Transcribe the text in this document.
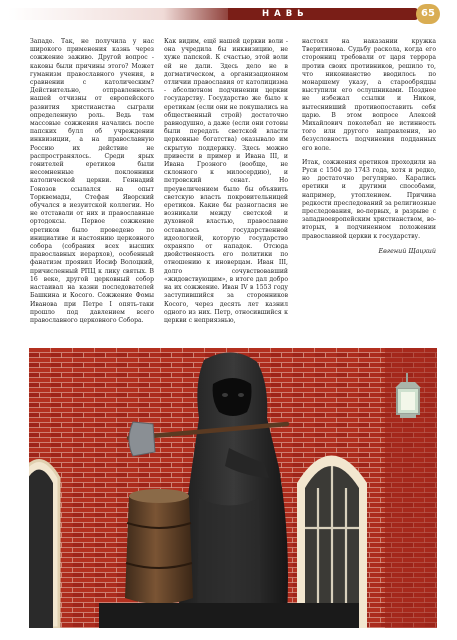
НАВЬ	65

Западе. Так, не получила у нас широкого применения казнь через сожжение заживо. Другой вопрос - каковы были причины этого? Может гуманизм православного учения, в сравнении с католическим? Действительно, отправленность нашей отчизны от европейского развития христианства сыграли определенную роль. Ведь там массовые сожжения начались после папских булл об учреждении инквизиции, а на православную Россию их действие не распространялось. Среди ярых гонителей еретиков были несомненные поклонники католической церкви. Геннадий Гонозов ссылался на опыт Торквемады, Стефан Яворский обучался в иезуитской коллегии. Но не отставали от них и православные ортодоксы. Первое сожжение еретиков было проведено по инициативе и настоянию церковного собора (собрания всех высших православных иерархов), особенный фанатизм проявил Иосиф Волоцкий, причисленный РПЦ к лику святых. В 16 веке, другой церковный собор настаивал на казни последователей Башкина и Косого. Сожжение Фомы Иванова при Петре I опять-таки прошло под давлением всего православного церковного Собора.

Как видим, ещё нашей церкви воли - она учредила бы инквизицию, не хуже папской. К счастью, этой воли ей не дали. Здесь дело не в догматическом, а организационном отличии православия от католицизма - абсолютном подчинении церкви государству. Государство же было к еретикам (если они не покушались на общественный строй) достаточно равнодушно, а даже (если они готовы были передать светской власти церковные богатства) оказывало им скрытую поддержку. Здесь можно привести в пример и Ивана III, и Ивана Грозного (вообще, не склонного к милосердию), и петровский сенат. Но преувеличением было бы объявить светскую власть покровительницей еретиков. Какие бы разногласия не возникали между светской и духовной властью, православие оставалось государственной идеологией, которую государство охраняло от нападок. Отсюда двойственность его политики по отношению к иноверцам. Иван III, долго сочувствовавший «жидовствующим», в итоге дал добро на их сожжение. Иван IV в 1553 году заступившийся за сторонников Косого, через десять лет казнил одного из них. Петр, относившийся к церкви с неприязнью,

настоял на наказании кружка Тверитинова. Судьбу раскола, когда его сторонниц требовали от царя террора против своих противников, решило то, что никонианство вводилось по монаршему указу, а старообрядцы выступили его ослушниками. Позднее не избежал ссылки и Никон, вытеснивший противопоставить себя царю. В этом вопросе Алексей Михайлович поколебал не истинность того или другого направления, но безусловность подчинения подданных его воле.

Итак, сожжения еретиков проходили на Руси с 1504 до 1743 года, хотя и редко, но достаточно регулярно. Карались еретики и другими способами, например, утоплением. Причина редкости преследований за религиозные преследования, во-первых, в разрыве с западноевропейским христианством, во-вторых, в подчиненном положении православной церкви к государству.

Евгений Щацкий
